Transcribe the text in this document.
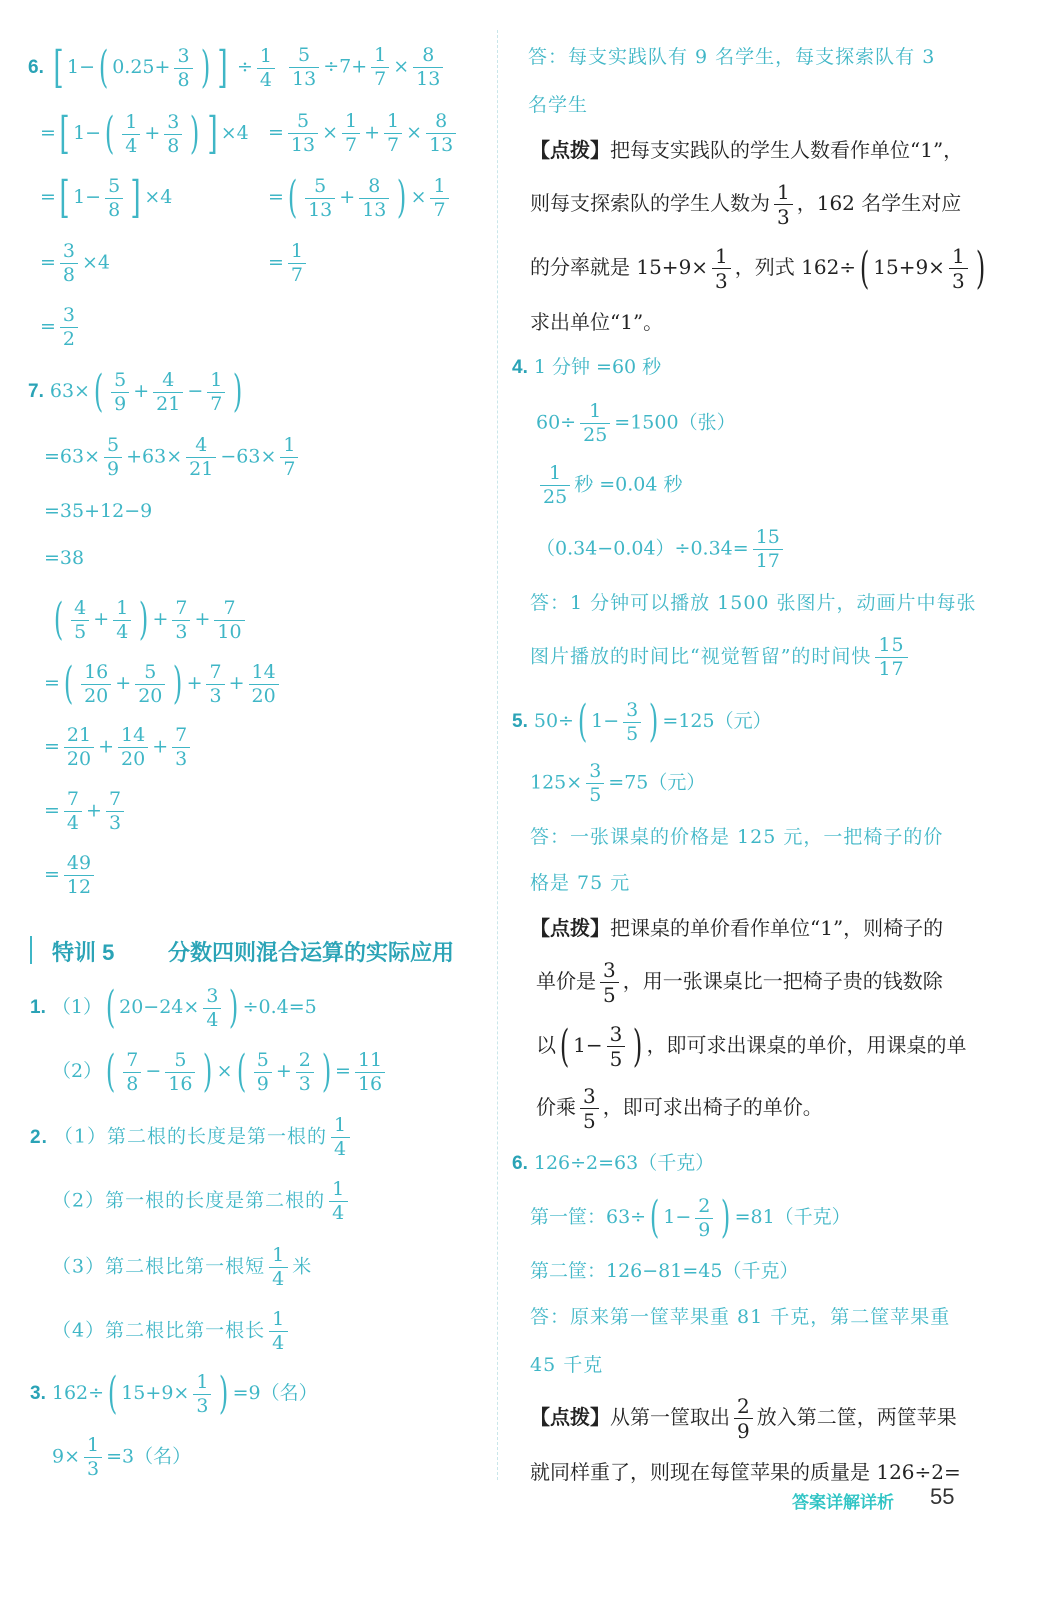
6. [ 1−( $0.25+ \frac{3}{8}$ ) ] ÷ $\frac{1}{4}$
=[ $1-( \frac{1}{4} + \frac{3}{8}$ ) ] ×4
=[ $1- \frac{5}{8}$ ] ×4
= $\frac{3}{8} \times 4$
= $\frac{3}{2}$
$\frac{5}{13} \div 7+ \frac{1}{7} \times \frac{8}{13}$
= $\frac{5}{13} \times \frac{1}{7} + \frac{1}{7} \times \frac{8}{13}$
=( $\frac{5}{13} + \frac{8}{13}$ ) × $\frac{1}{7}$
= $\frac{1}{7}$
7. $63\times( \frac{5}{9} + \frac{4}{21} - \frac{1}{7}$ )
$=63\times \frac{5}{9} +63\times \frac{4}{21} -63\times \frac{1}{7}$
=35+12−9
=38
( $\frac{4}{5} + \frac{1}{4}$ ) + $\frac{7}{3} + \frac{7}{10}$
=( $\frac{16}{20} + \frac{5}{20}$ ) + $\frac{7}{3} + \frac{14}{20}$
= $\frac{21}{20} + \frac{14}{20} + \frac{7}{3}$
= $\frac{7}{4} + \frac{7}{3}$
= $\frac{49}{12}$
特训 5 分数四则混合运算的实际应用
1. （1）( $20-24\times \frac{3}{4}$ ) ÷0.4=5
$(2)( \frac{7}{8} - \frac{5}{16}$ ) ×( $\frac{5}{9} + \frac{2}{3}$ ) = $\frac{11}{16}$
2. （1）第二根的长度是第一根的 $\frac{1}{4}$
（2）第一根的长度是第二根的 $\frac{1}{4}$
（3）第二根比第一根短 $\frac{1}{4}$ 米
（4）第二根比第一根长 $\frac{1}{4}$
3. 162÷( $15+9\times \frac{1}{3}$ ) =9（名）
$9\times \frac{1}{3} =3$（名）
答：每支实践队有 9 名学生，每支探索队有 3
名学生
【点拨】把每支实践队的学生人数看作单位“1”，
则每支探索队的学生人数为 $\frac{1}{3}$ ，162 名学生对应
的分率就是 $15+9\times \frac{1}{3}$ ，列式 162÷( $15+9\times \frac{1}{3}$ )
求出单位“1”。
4. 1 分钟 =60 秒
$60\div \frac{1}{25} =1500$（张）
$\frac{1}{25}$ 秒 =0.04 秒
$(0.34-0.04)\div 0.34= \frac{15}{17}$
答：1 分钟可以播放 1500 张图片，动画片中每张
图片播放的时间比“视觉暂留”的时间快 $\frac{15}{17}$
5. 50÷( $1- \frac{3}{5}$ ) =125（元）
$125\times \frac{3}{5} =75$（元）
答：一张课桌的价格是 125 元，一把椅子的价
格是 75 元
【点拨】把课桌的单价看作单位“1”，则椅子的
单价是 $\frac{3}{5}$ ，用一张课桌比一把椅子贵的钱数除
以( $1- \frac{3}{5}$ ) ，即可求出课桌的单价，用课桌的单
价乘 $\frac{3}{5}$ ，即可求出椅子的单价。
6. 126÷2=63（千克）
第一筐：63÷( $1- \frac{2}{9}$ ) =81（千克）
第二筐：126−81=45（千克）
答：原来第一筐苹果重 81 千克，第二筐苹果重
45 千克
【点拨】从第一筐取出 $\frac{2}{9}$ 放入第二筐，两筐苹果
就同样重了，则现在每筐苹果的质量是 126÷2=
答案详解详析 55
